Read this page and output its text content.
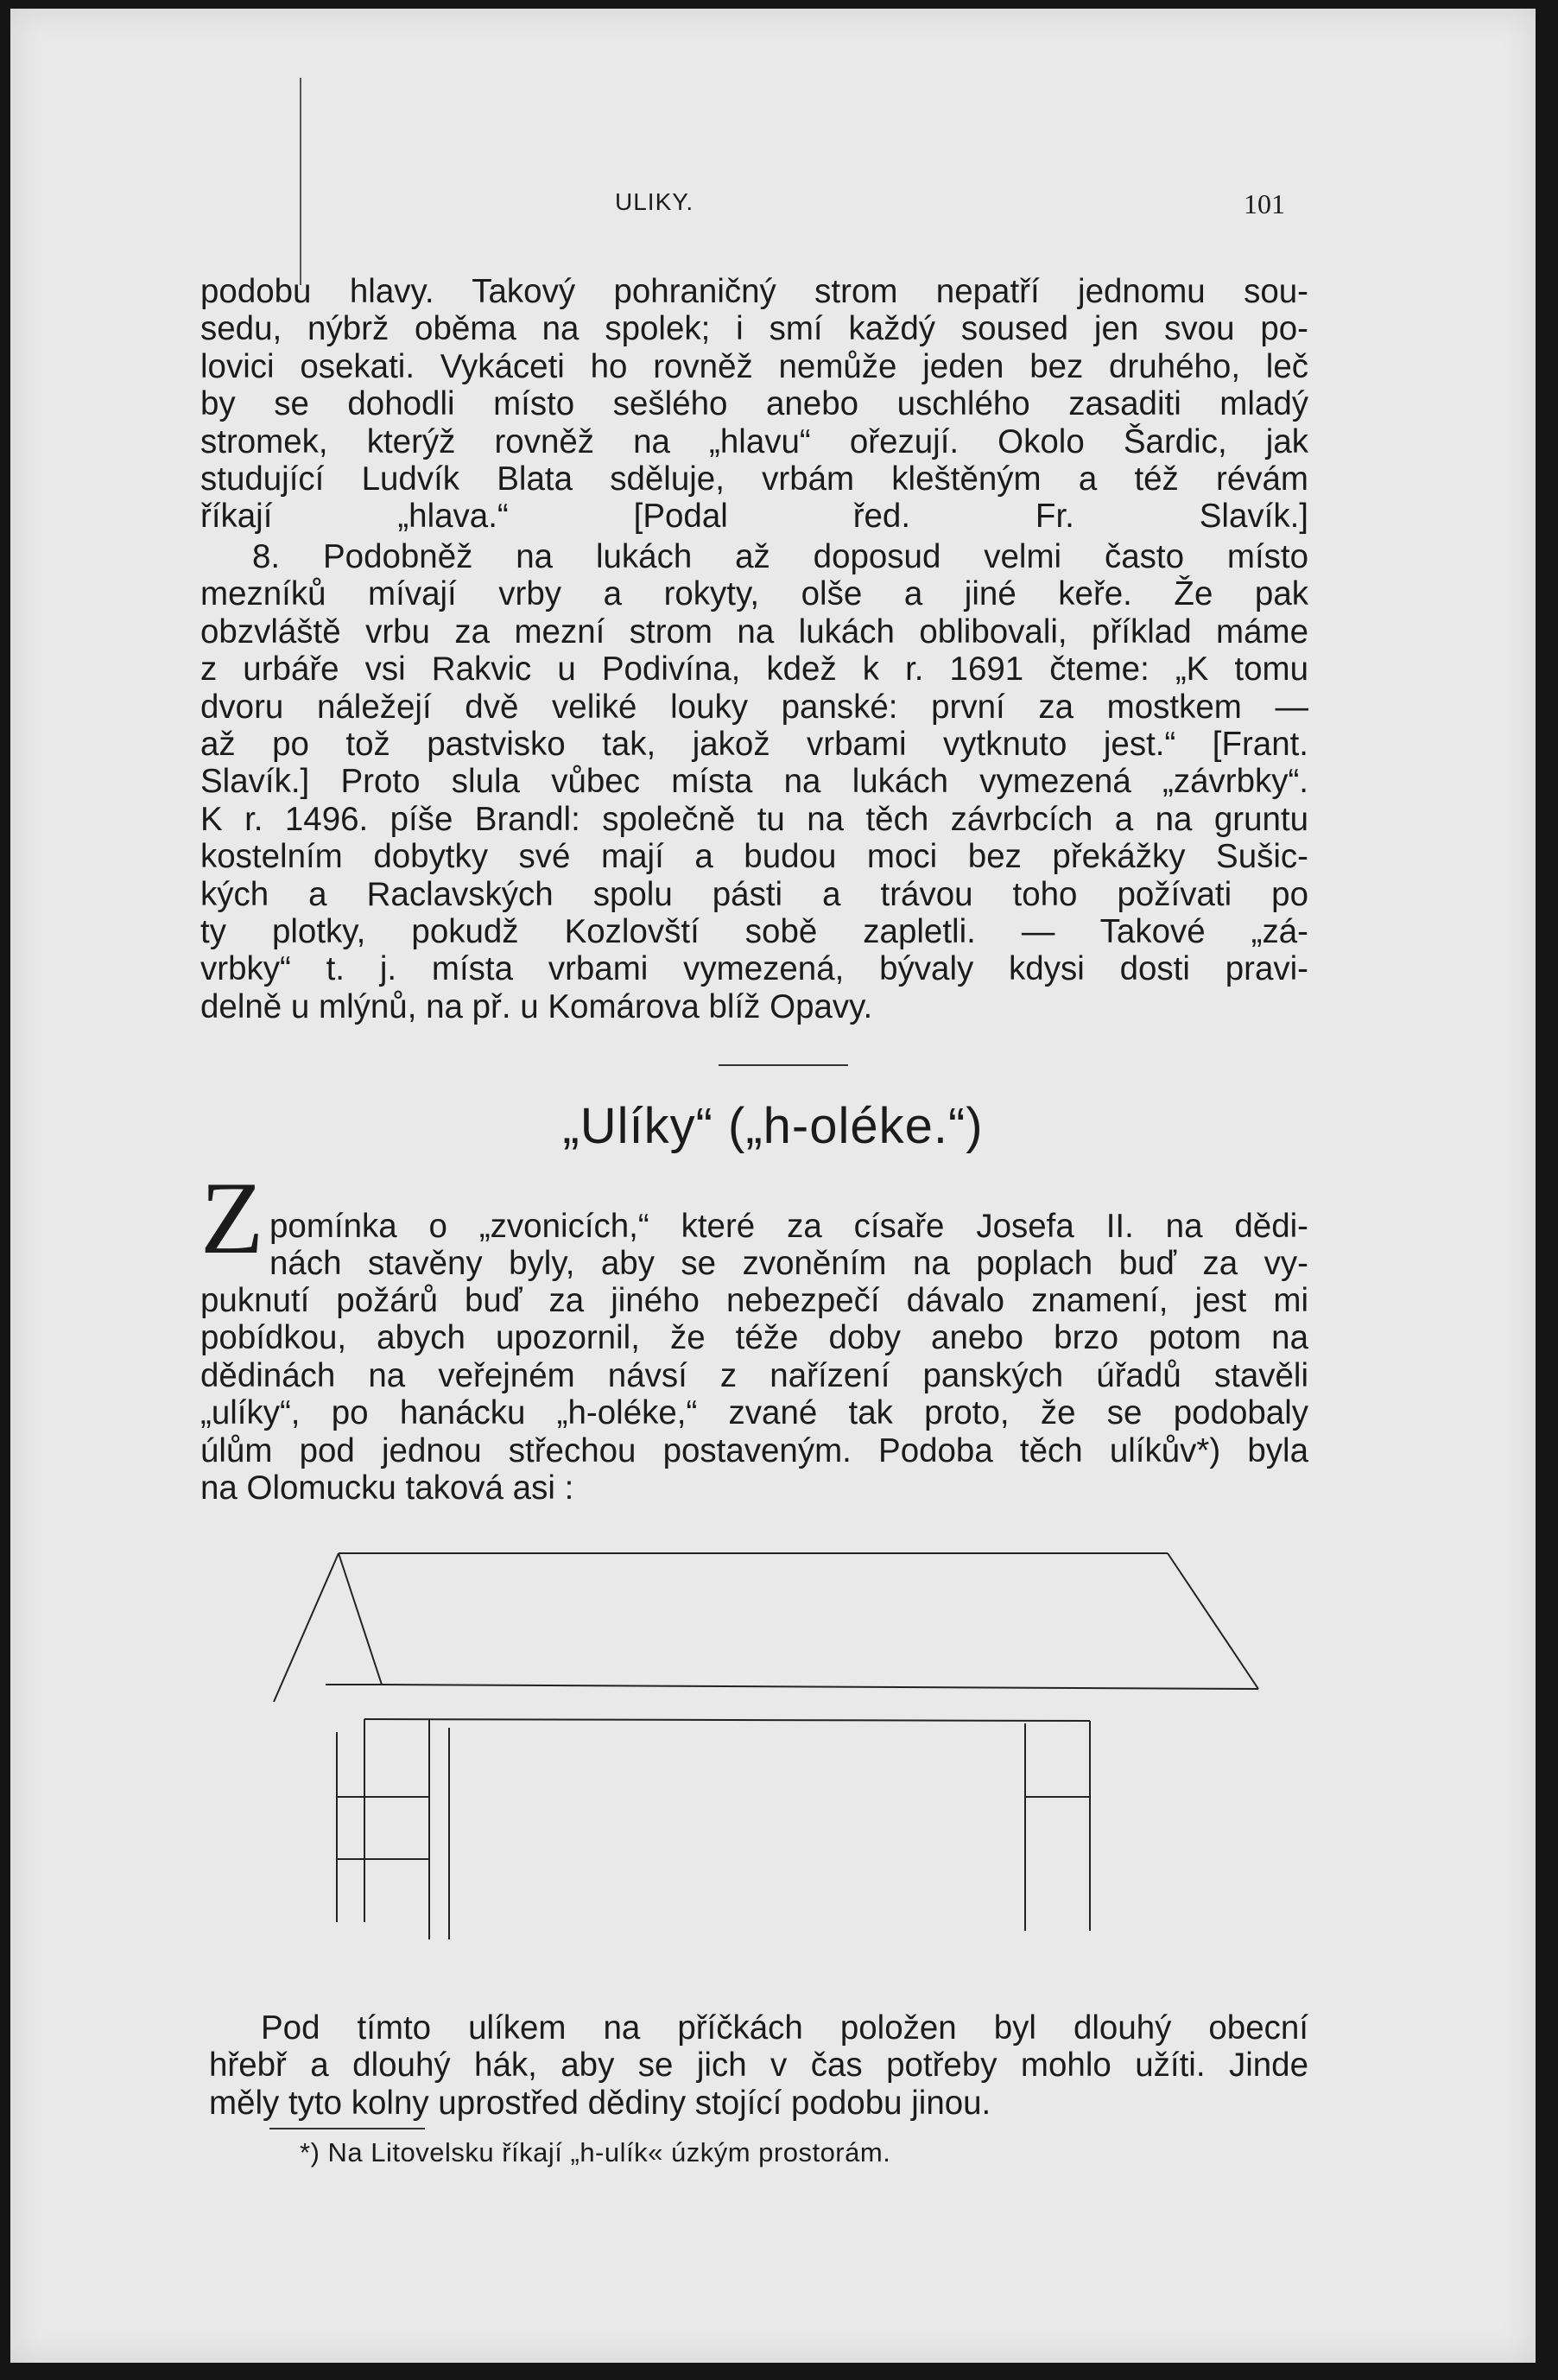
ULIKY.	101

podobu hlavy. Takový pohraničný strom nepatří jednomu sou-

sedu, nýbrž oběma na spolek; i smí každý soused jen svou po-

lovici osekati. Vykáceti ho rovněž nemůže jeden bez druhého, leč

by se dohodli místo sešlého anebo uschlého zasaditi mladý

stromek, kterýž rovněž na „hlavu“ ořezují. Okolo Šardic, jak

studující Ludvík Blata sděluje, vrbám kleštěným a též révám

říkají „hlava.“ [Podal řed. Fr. Slavík.]

8. Podobněž na lukách až doposud velmi často místo

mezníků mívají vrby a rokyty, olše a jiné keře. Že pak

obzvláště vrbu za mezní strom na lukách oblibovali, příklad máme

z urbáře vsi Rakvic u Podivína, kdež k r. 1691 čteme: „K tomu

dvoru náležejí dvě veliké louky panské: první za mostkem —

až po tož pastvisko tak, jakož vrbami vytknuto jest.“ [Frant.

Slavík.] Proto slula vůbec místa na lukách vymezená „závrbky“.

K r. 1496. píše Brandl: společně tu na těch závrbcích a na gruntu

kostelním dobytky své mají a budou moci bez překážky Sušic-

kých a Raclavských spolu pásti a trávou toho požívati po

ty plotky, pokudž Kozlovští sobě zapletli. — Takové „zá-

vrbky“ t. j. místa vrbami vymezená, bývaly kdysi dosti pravi-

delně u mlýnů, na př. u Komárova blíž Opavy.

„Ulíky“ („h-oléke.“)
Z pomínka o „zvonicích,“ které za císaře Josefa II. na dědi-

nách stavěny byly, aby se zvoněním na poplach buď za vy-

puknutí požárů buď za jiného nebezpečí dávalo znamení, jest mi

pobídkou, abych upozornil, že téže doby anebo brzo potom na

dědinách na veřejném návsí z nařízení panských úřadů stavěli

„ulíky“, po hanácku „h-oléke,“ zvané tak proto, že se podobaly

úlům pod jednou střechou postaveným. Podoba těch ulíkův*) byla

na Olomucku taková asi :

Pod tímto ulíkem na příčkách položen byl dlouhý obecní

hřebř a dlouhý hák, aby se jich v čas potřeby mohlo užíti. Jinde

měly tyto kolny uprostřed dědiny stojící podobu jinou.

*) Na Litovelsku říkají „h-ulík« úzkým prostorám.
